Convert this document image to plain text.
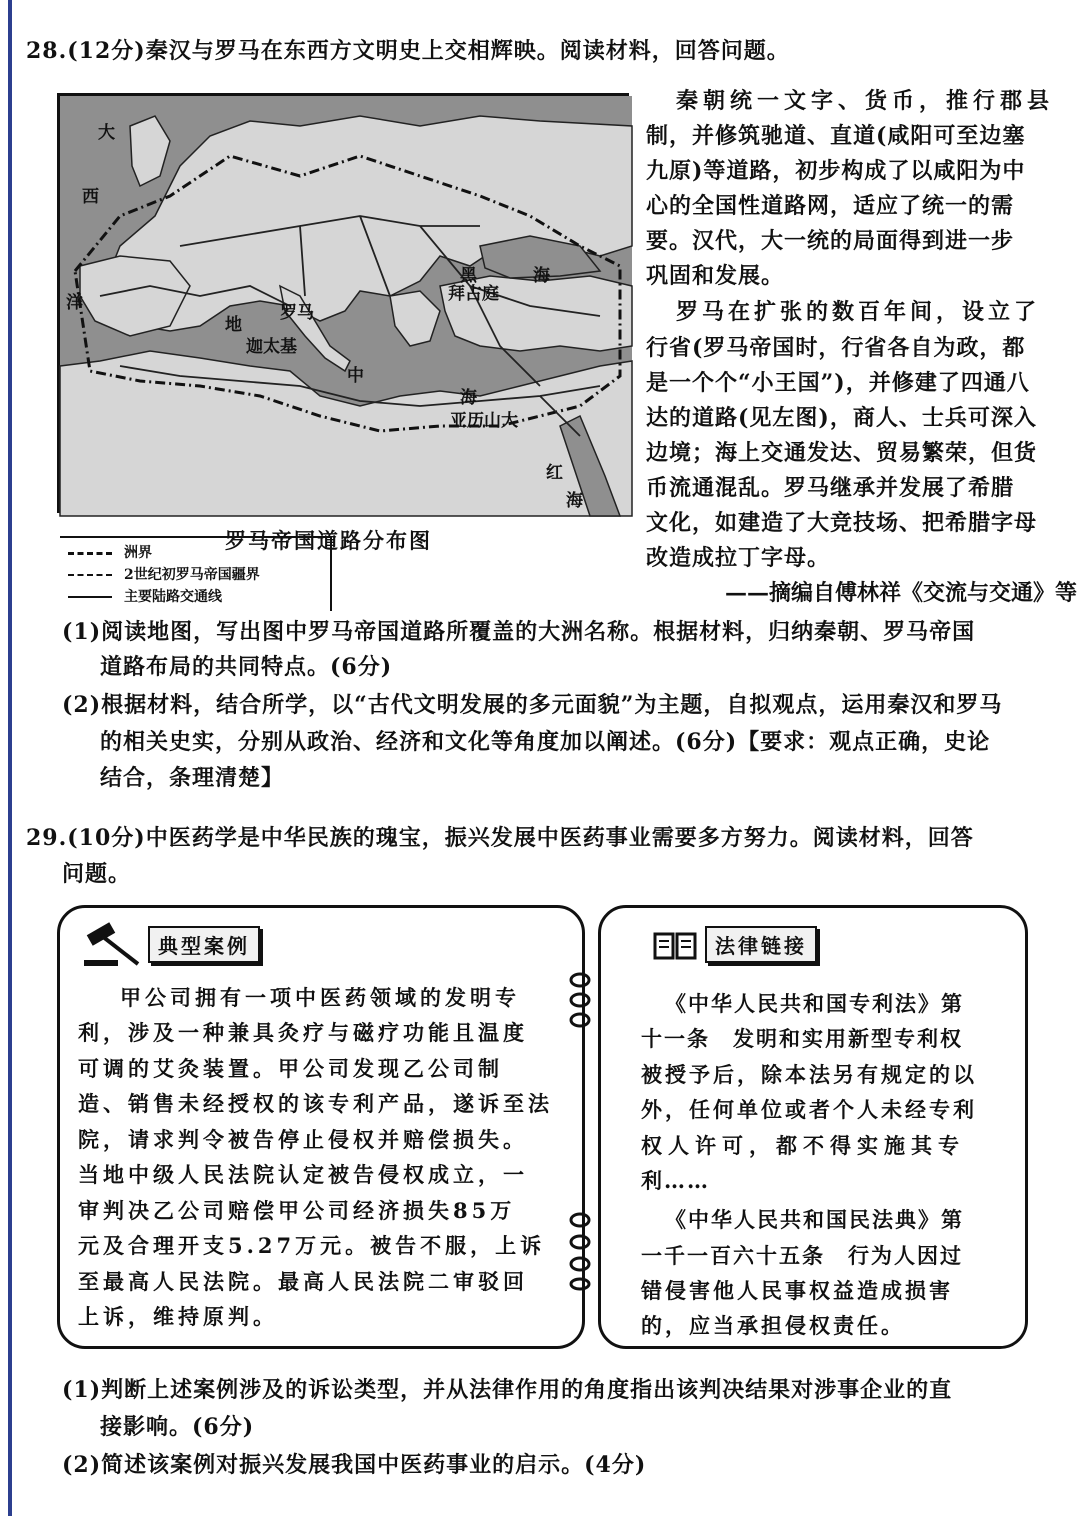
28.(12分)秦汉与罗马在东西方文明史上交相辉映。阅读材料，回答问题。
大
西
洋
地
中
海
黑	海
红
海
罗马
迦太基
拜占庭
亚历山大
洲界
2世纪初罗马帝国疆界
主要陆路交通线
罗马帝国道路分布图
秦朝统一文字、货币，推行郡县
制，并修筑驰道、直道(咸阳可至边塞
九原)等道路，初步构成了以咸阳为中
心的全国性道路网，适应了统一的需
要。汉代，大一统的局面得到进一步
巩固和发展。
罗马在扩张的数百年间，设立了
行省(罗马帝国时，行省各自为政，都
是一个个“小王国”)，并修建了四通八
达的道路(见左图)，商人、士兵可深入
边境；海上交通发达、贸易繁荣，但货
币流通混乱。罗马继承并发展了希腊
文化，如建造了大竞技场、把希腊字母
改造成拉丁字母。
——摘编自傅林祥《交流与交通》等
(1)阅读地图，写出图中罗马帝国道路所覆盖的大洲名称。根据材料，归纳秦朝、罗马帝国
道路布局的共同特点。(6分)
(2)根据材料，结合所学，以“古代文明发展的多元面貌”为主题，自拟观点，运用秦汉和罗马
的相关史实，分别从政治、经济和文化等角度加以阐述。(6分)【要求：观点正确，史论
结合，条理清楚】
29.(10分)中医药学是中华民族的瑰宝，振兴发展中医药事业需要多方努力。阅读材料，回答
问题。
典型案例
甲公司拥有一项中医药领域的发明专
利，涉及一种兼具灸疗与磁疗功能且温度
可调的艾灸装置。甲公司发现乙公司制
造、销售未经授权的该专利产品，遂诉至法
院，请求判令被告停止侵权并赔偿损失。
当地中级人民法院认定被告侵权成立，一
审判决乙公司赔偿甲公司经济损失85万
元及合理开支5.27万元。被告不服，上诉
至最高人民法院。最高人民法院二审驳回
上诉，维持原判。
法律链接
《中华人民共和国专利法》第
十一条　发明和实用新型专利权
被授予后，除本法另有规定的以
外，任何单位或者个人未经专利
权人许可，都不得实施其专
利……
《中华人民共和国民法典》第
一千一百六十五条　行为人因过
错侵害他人民事权益造成损害
的，应当承担侵权责任。
(1)判断上述案例涉及的诉讼类型，并从法律作用的角度指出该判决结果对涉事企业的直
接影响。(6分)
(2)简述该案例对振兴发展我国中医药事业的启示。(4分)
